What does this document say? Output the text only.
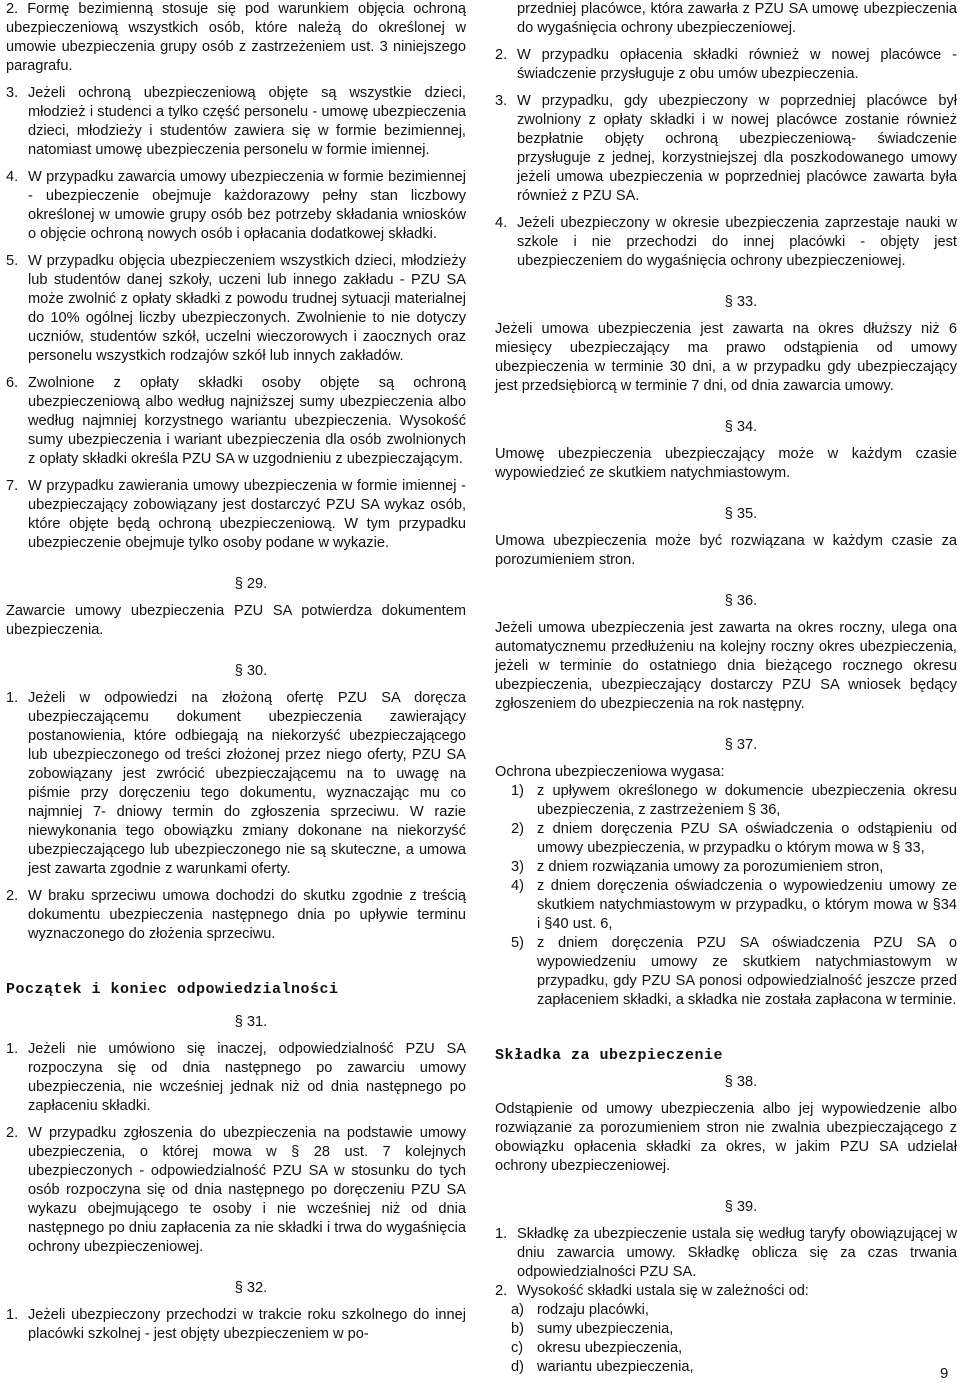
2. Formę bezimienną stosuje się pod warunkiem objęcia ochroną ubezpieczeniową wszystkich osób, które należą do określonej w umowie ubezpieczenia grupy osób z zastrzeżeniem ust. 3 niniejszego paragrafu.

3. Jeżeli ochroną ubezpieczeniową objęte są wszystkie dzieci, młodzież i studenci a tylko część personelu - umowę ubezpieczenia dzieci, młodzieży i studentów zawiera się w formie bezimiennej, natomiast umowę ubezpieczenia personelu w formie imiennej.
4. W przypadku zawarcia umowy ubezpieczenia w formie bezimiennej - ubezpieczenie obejmuje każdorazowy pełny stan liczbowy określonej w umowie grupy osób bez potrzeby składania wniosków o objęcie ochroną nowych osób i opłacania dodatkowej składki.
5. W przypadku objęcia ubezpieczeniem wszystkich dzieci, młodzieży lub studentów danej szkoły, uczeni lub innego zakładu - PZU SA może zwolnić z opłaty składki z powodu trudnej sytuacji materialnej do 10% ogólnej liczby ubezpieczonych. Zwolnienie to nie dotyczy uczniów, studentów szkół, uczelni wieczorowych i zaocznych oraz personelu wszystkich rodzajów szkół lub innych zakładów.
6. Zwolnione z opłaty składki osoby objęte są ochroną ubezpieczeniową albo według najniższej sumy ubezpieczenia albo według najmniej korzystnego wariantu ubezpieczenia. Wysokość sumy ubezpieczenia i wariant ubezpieczenia dla osób zwolnionych z opłaty składki określa PZU SA w uzgodnieniu z ubezpieczającym.
7. W przypadku zawierania umowy ubezpieczenia w formie imiennej - ubezpieczający zobowiązany jest dostarczyć PZU SA wykaz osób, które objęte będą ochroną ubezpieczeniową. W tym przypadku ubezpieczenie obejmuje tylko osoby podane w wykazie.

§ 29.

Zawarcie umowy ubezpieczenia PZU SA potwierdza dokumentem ubezpieczenia.

§ 30.

1. Jeżeli w odpowiedzi na złożoną ofertę PZU SA doręcza ubezpieczającemu dokument ubezpieczenia zawierający postanowienia, które odbiegają na niekorzyść ubezpieczającego lub ubezpieczonego od treści złożonej przez niego oferty, PZU SA zobowiązany jest zwrócić ubezpieczającemu na to uwagę na piśmie przy doręczeniu tego dokumentu, wyznaczając mu co najmniej 7- dniowy termin do zgłoszenia sprzeciwu. W razie niewykonania tego obowiązku zmiany dokonane na niekorzyść ubezpieczającego lub ubezpieczonego nie są skuteczne, a umowa jest zawarta zgodnie z warunkami oferty.
2. W braku sprzeciwu umowa dochodzi do skutku zgodnie z treścią dokumentu ubezpieczenia następnego dnia po upływie terminu wyznaczonego do złożenia sprzeciwu.

Początek i koniec odpowiedzialności

§ 31.

1. Jeżeli nie umówiono się inaczej, odpowiedzialność PZU SA rozpoczyna się od dnia następnego po zawarciu umowy ubezpieczenia, nie wcześniej jednak niż od dnia następnego po zapłaceniu składki.
2. W przypadku zgłoszenia do ubezpieczenia na podstawie umowy ubezpieczenia, o której mowa w § 28 ust. 7 kolejnych ubezpieczonych - odpowiedzialność PZU SA w stosunku do tych osób rozpoczyna się od dnia następnego po doręczeniu PZU SA wykazu obejmującego te osoby i nie wcześniej niż od dnia następnego po dniu zapłacenia za nie składki i trwa do wygaśnięcia ochrony ubezpieczeniowej.

§ 32.

1. Jeżeli ubezpieczony przechodzi w trakcie roku szkolnego do innej placówki szkolnej - jest objęty ubezpieczeniem w po-
przedniej placówce, która zawarła z PZU SA umowę ubezpieczenia do wygaśnięcia ochrony ubezpieczeniowej.
2. W przypadku opłacenia składki również w nowej placówce - świadczenie przysługuje z obu umów ubezpieczenia.
3. W przypadku, gdy ubezpieczony w poprzedniej placówce był zwolniony z opłaty składki i w nowej placówce zostanie również bezpłatnie objęty ochroną ubezpieczeniową- świadczenie przysługuje z jednej, korzystniejszej dla poszkodowanego umowy jeżeli umowa ubezpieczenia w poprzedniej placówce zawarta była również z PZU SA.
4. Jeżeli ubezpieczony w okresie ubezpieczenia zaprzestaje nauki w szkole i nie przechodzi do innej placówki - objęty jest ubezpieczeniem do wygaśnięcia ochrony ubezpieczeniowej.

§ 33.

Jeżeli umowa ubezpieczenia jest zawarta na okres dłuższy niż 6 miesięcy ubezpieczający ma prawo odstąpienia od umowy ubezpieczenia w terminie 30 dni, a w przypadku gdy ubezpieczający jest przedsiębiorcą w terminie 7 dni, od dnia zawarcia umowy.

§ 34.

Umowę ubezpieczenia ubezpieczający może w każdym czasie wypowiedzieć ze skutkiem natychmiastowym.

§ 35.

Umowa ubezpieczenia może być rozwiązana w każdym czasie za porozumieniem stron.

§ 36.

Jeżeli umowa ubezpieczenia jest zawarta na okres roczny, ulega ona automatycznemu przedłużeniu na kolejny roczny okres ubezpieczenia, jeżeli w terminie do ostatniego dnia bieżącego rocznego okresu ubezpieczenia, ubezpieczający dostarczy PZU SA wniosek będący zgłoszeniem do ubezpieczenia na rok następny.

§ 37.

Ochrona ubezpieczeniowa wygasa:

1) z upływem określonego w dokumencie ubezpieczenia okresu ubezpieczenia, z zastrzeżeniem § 36,
2) z dniem doręczenia PZU SA oświadczenia o odstąpieniu od umowy ubezpieczenia, w przypadku o którym mowa w § 33,
3) z dniem rozwiązania umowy za porozumieniem stron,
4) z dniem doręczenia oświadczenia o wypowiedzeniu umowy ze skutkiem natychmiastowym w przypadku, o którym mowa w §34 i §40 ust. 6,
5) z dniem doręczenia PZU SA oświadczenia PZU SA o wypowiedzeniu umowy ze skutkiem natychmiastowym w przypadku, gdy PZU SA ponosi odpowiedzialność jeszcze przed zapłaceniem składki, a składka nie została zapłacona w terminie.

Składka za ubezpieczenie

§ 38.

Odstąpienie od umowy ubezpieczenia albo jej wypowiedzenie albo rozwiązanie za porozumieniem stron nie zwalnia ubezpieczającego z obowiązku opłacenia składki za okres, w jakim PZU SA udzielał ochrony ubezpieczeniowej.

§ 39.

1. Składkę za ubezpieczenie ustala się według taryfy obowiązującej w dniu zawarcia umowy. Składkę oblicza się za czas trwania odpowiedzialności PZU SA.
2. Wysokość składki ustala się w zależności od:
a) rodzaju placówki,
b) sumy ubezpieczenia,
c) okresu ubezpieczenia,
d) wariantu ubezpieczenia,	9
